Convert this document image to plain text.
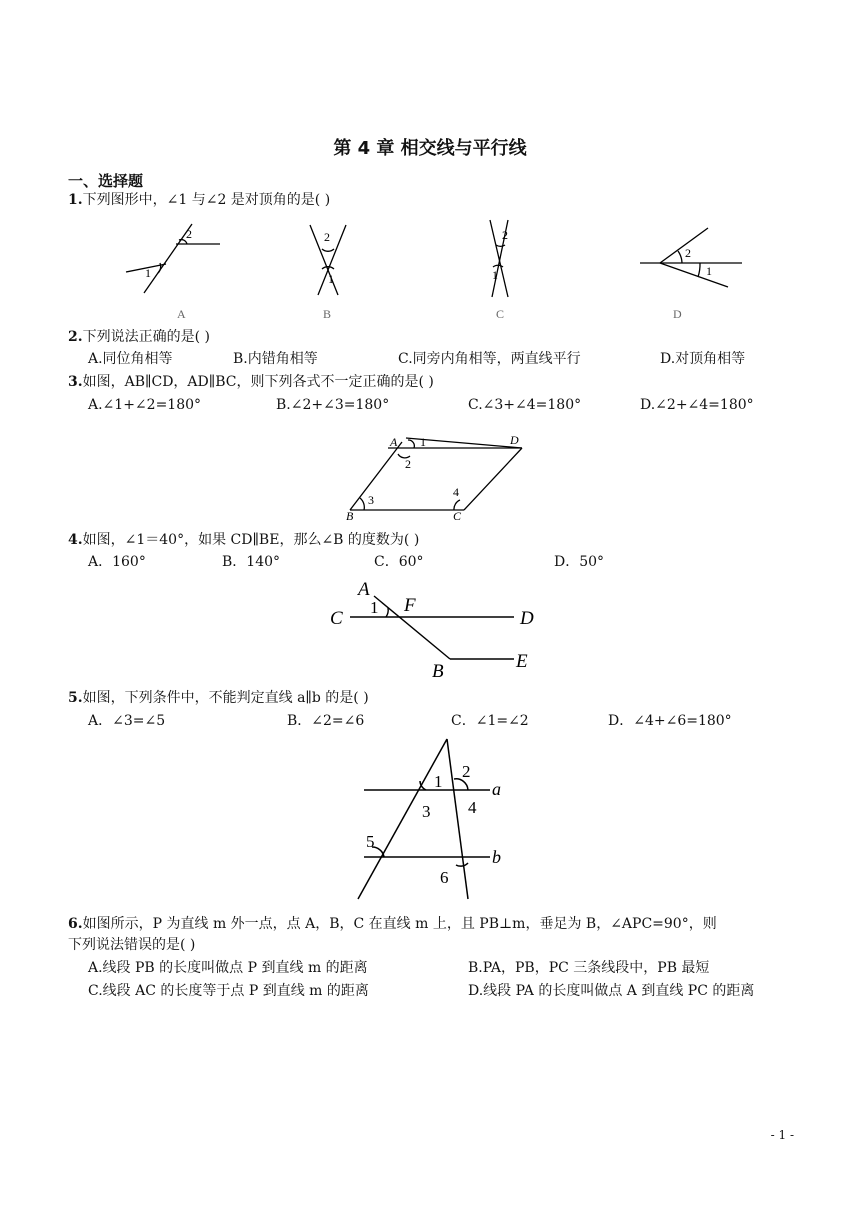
第 4 章 相交线与平行线
一、选择题
1.下列图形中，∠1 与∠2 是对顶角的是( )
1
2
A
2
1
B
2
1
C
2
1
D
2.下列说法正确的是( )
A.同位角相等	B.内错角相等	C.同旁内角相等，两直线平行	D.对顶角相等
3.如图，AB∥CD，AD∥BC，则下列各式不一定正确的是( )
A.∠1+∠2=180°	B.∠2+∠3=180°	C.∠3+∠4=180°	D.∠2+∠4=180°
A 1
2
D
3
4
B	C
4.如图，∠1＝40°，如果 CD∥BE，那么∠B 的度数为( )
A．160°	B．140°	C．60°	D．50°
A
C
1 F
D
B	E
5.如图，下列条件中，不能判定直线 a∥b 的是( )
A．∠3=∠5	B．∠2=∠6	C．∠1=∠2	D．∠4+∠6=180°
1
2
3 4
a
5
6
b
6.如图所示，P 为直线 m 外一点，点 A，B，C 在直线 m 上，且 PB⊥m，垂足为 B，∠APC=90°，则
下列说法错误的是( )
A.线段 PB 的长度叫做点 P 到直线 m 的距离	B.PA，PB，PC 三条线段中，PB 最短
C.线段 AC 的长度等于点 P 到直线 m 的距离	D.线段 PA 的长度叫做点 A 到直线 PC 的距离
- 1 -
